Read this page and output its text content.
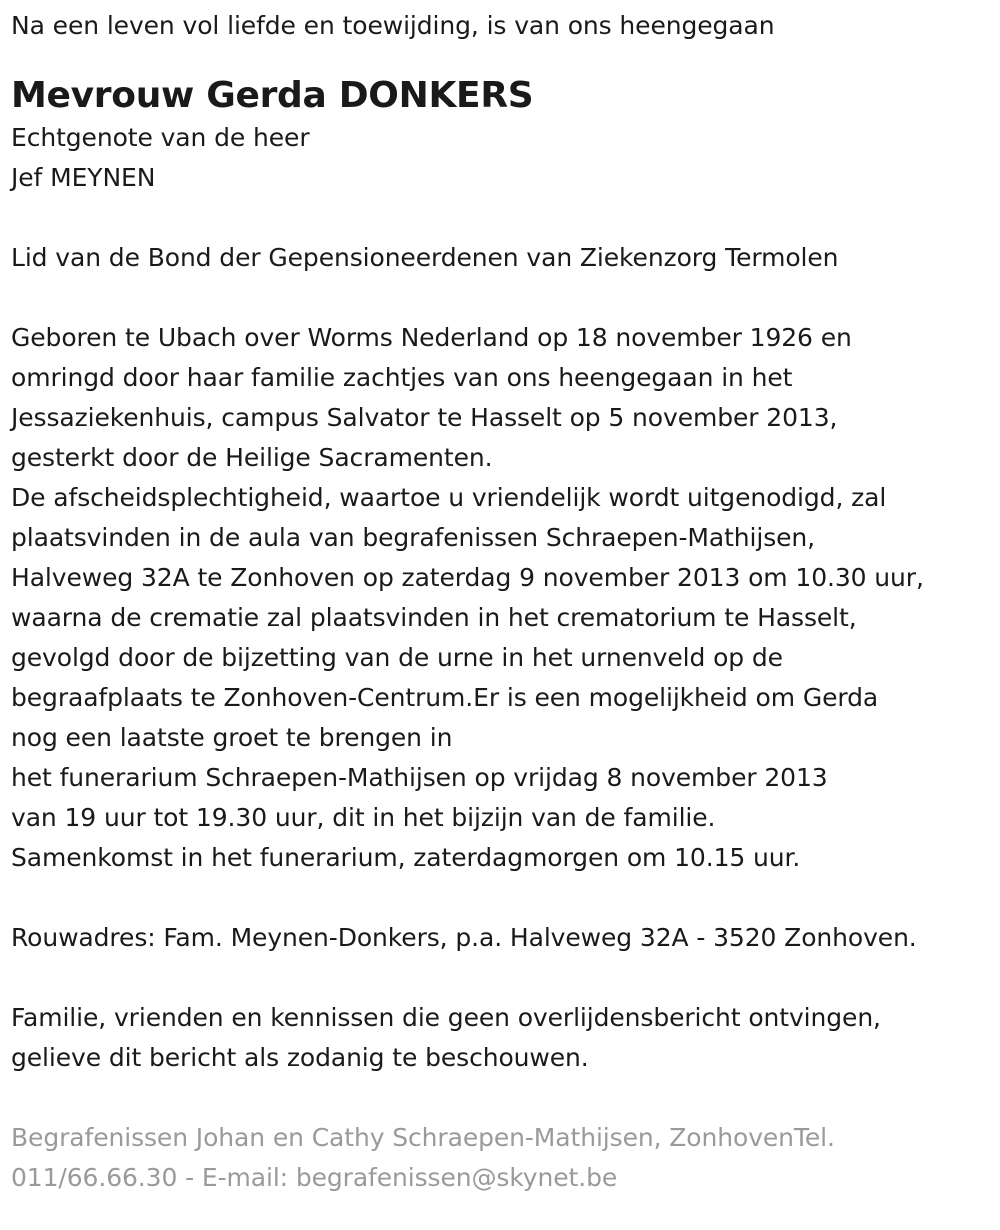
Na een leven vol liefde en toewijding, is van ons heengegaan

Mevrouw Gerda DONKERS

Echtgenote van de heer

Jef MEYNEN

Lid van de Bond der Gepensioneerdenen van Ziekenzorg Termolen

Geboren te Ubach over Worms Nederland op 18 november 1926 en

omringd door haar familie zachtjes van ons heengegaan in het

Jessaziekenhuis, campus Salvator te Hasselt op 5 november 2013,

gesterkt door de Heilige Sacramenten.

De afscheidsplechtigheid, waartoe u vriendelijk wordt uitgenodigd, zal

plaatsvinden in de aula van begrafenissen Schraepen-Mathijsen,

Halveweg 32A te Zonhoven op zaterdag 9 november 2013 om 10.30 uur,

waarna de crematie zal plaatsvinden in het crematorium te Hasselt,

gevolgd door de bijzetting van de urne in het urnenveld op de

begraafplaats te Zonhoven-Centrum.Er is een mogelijkheid om Gerda

nog een laatste groet te brengen in

het funerarium Schraepen-Mathijsen op vrijdag 8 november 2013

van 19 uur tot 19.30 uur, dit in het bijzijn van de familie.

Samenkomst in het funerarium, zaterdagmorgen om 10.15 uur.

Rouwadres: Fam. Meynen-Donkers, p.a. Halveweg 32A - 3520 Zonhoven.

Familie, vrienden en kennissen die geen overlijdensbericht ontvingen,

gelieve dit bericht als zodanig te beschouwen.

Begrafenissen Johan en Cathy Schraepen-Mathijsen, ZonhovenTel.

011/66.66.30 - E-mail: begrafenissen@skynet.be
